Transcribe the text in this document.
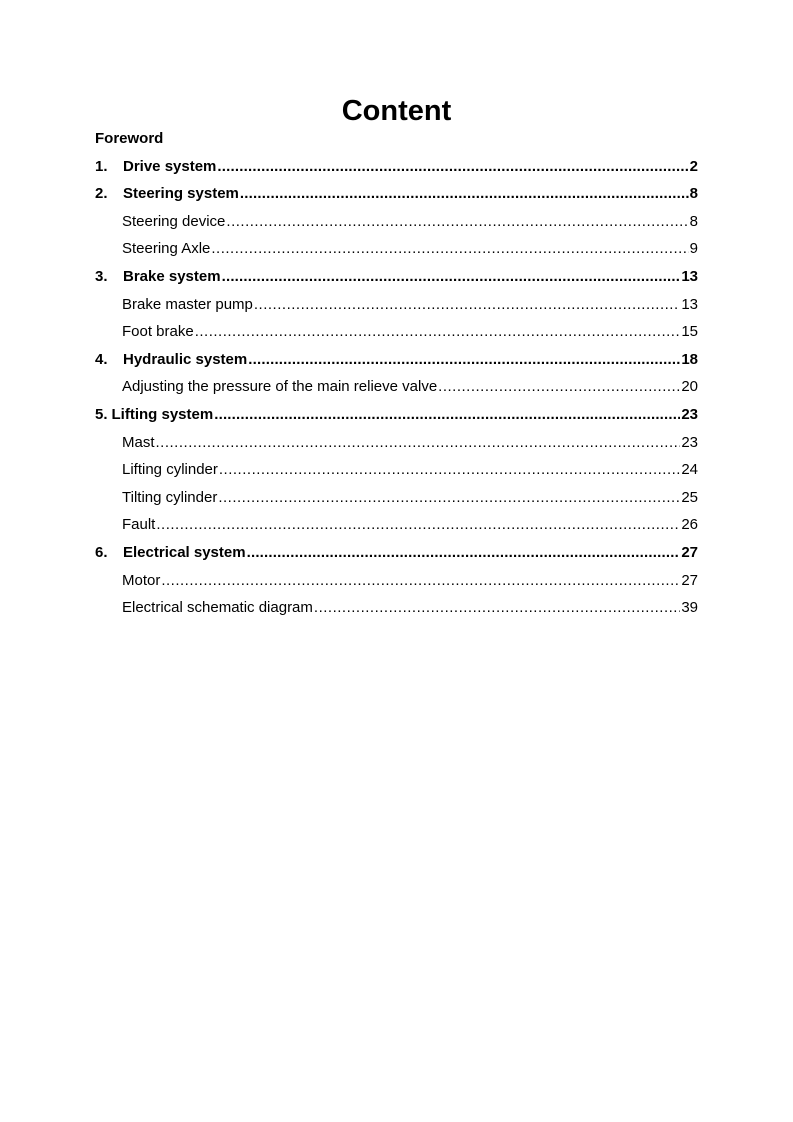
Content
Foreword
1.	Drive system .....	2
2.	Steering system .....	8
Steering device .....	8
Steering Axle .....	9
3.	Brake system .....	13
Brake master pump .....	13
Foot brake .....	15
4.	Hydraulic system .....	18
Adjusting the pressure of the main relieve valve .....	20
5. Lifting system .....	23
Mast .....	23
Lifting cylinder .....	24
Tilting cylinder .....	25
Fault .....	26
6.	Electrical system .....	27
Motor .....	27
Electrical schematic diagram .....	39
